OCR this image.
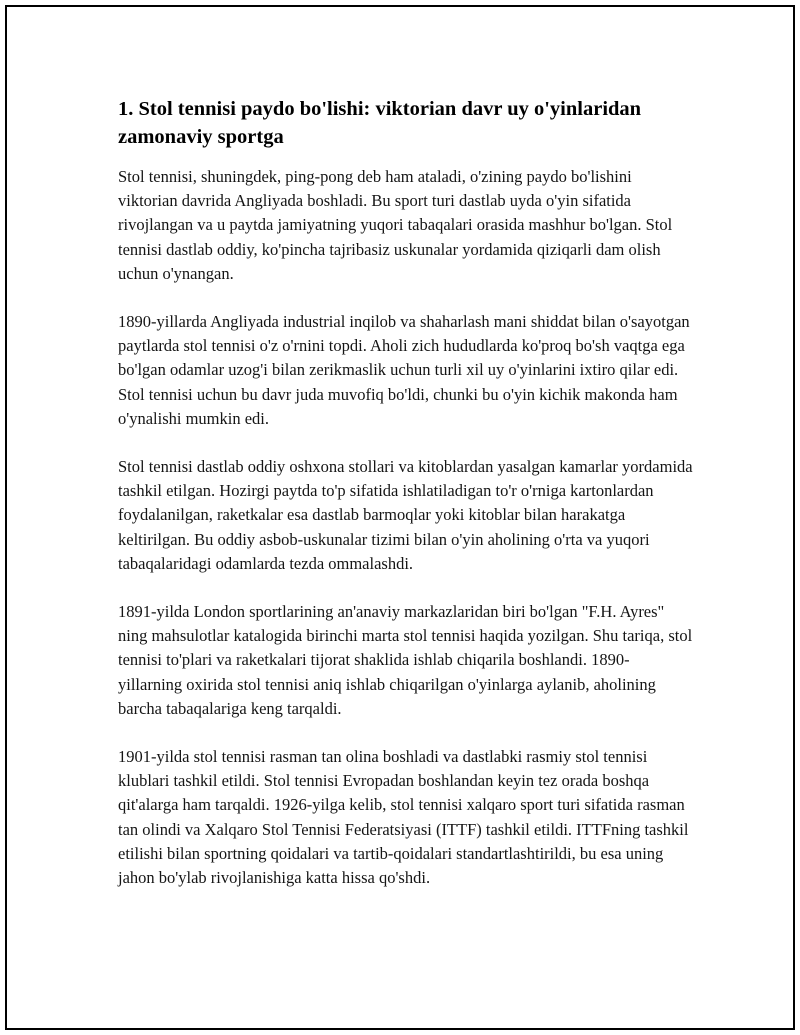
1. Stol tennisi paydo bo'lishi: viktorian davr uy o'yinlaridan zamonaviy sportga

Stol tennisi, shuningdek, ping-pong deb ham ataladi, o'zining paydo bo'lishini viktorian davrida Angliyada boshladi. Bu sport turi dastlab uyda o'yin sifatida rivojlangan va u paytda jamiyatning yuqori tabaqalari orasida mashhur bo'lgan. Stol tennisi dastlab oddiy, ko'pincha tajribasiz uskunalar yordamida qiziqarli dam olish uchun o'ynangan.

1890-yillarda Angliyada industrial inqilob va shaharlash mani shiddat bilan o'sayotgan paytlarda stol tennisi o'z o'rnini topdi. Aholi zich hududlarda ko'proq bo'sh vaqtga ega bo'lgan odamlar uzog'i bilan zerikmaslik uchun turli xil uy o'yinlarini ixtiro qilar edi. Stol tennisi uchun bu davr juda muvofiq bo'ldi, chunki bu o'yin kichik makonda ham o'ynalishi mumkin edi.

Stol tennisi dastlab oddiy oshxona stollari va kitoblardan yasalgan kamarlar yordamida tashkil etilgan. Hozirgi paytda to'p sifatida ishlatiladigan to'r o'rniga kartonlardan foydalanilgan, raketkalar esa dastlab barmoqlar yoki kitoblar bilan harakatga keltirilgan. Bu oddiy asbob-uskunalar tizimi bilan o'yin aholining o'rta va yuqori tabaqalaridagi odamlarda tezda ommalashdi.

1891-yilda London sportlarining an'anaviy markazlaridan biri bo'lgan "F.H. Ayres" ning mahsulotlar katalogida birinchi marta stol tennisi haqida yozilgan. Shu tariqa, stol tennisi to'plari va raketkalari tijorat shaklida ishlab chiqarila boshlandi. 1890-yillarning oxirida stol tennisi aniq ishlab chiqarilgan o'yinlarga aylanib, aholining barcha tabaqalariga keng tarqaldi.

1901-yilda stol tennisi rasman tan olina boshladi va dastlabki rasmiy stol tennisi klublari tashkil etildi. Stol tennisi Evropadan boshlandan keyin tez orada boshqa qit'alarga ham tarqaldi. 1926-yilga kelib, stol tennisi xalqaro sport turi sifatida rasman tan olindi va Xalqaro Stol Tennisi Federatsiyasi (ITTF) tashkil etildi. ITTFning tashkil etilishi bilan sportning qoidalari va tartib-qoidalari standartlashtirildi, bu esa uning jahon bo'ylab rivojlanishiga katta hissa qo'shdi.
